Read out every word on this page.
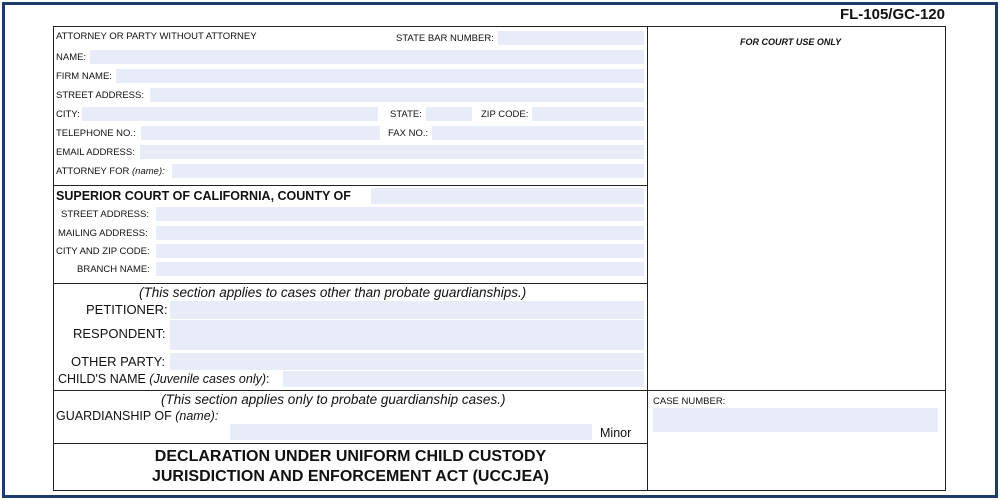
FL-105/GC-120
ATTORNEY OR PARTY WITHOUT ATTORNEY	STATE BAR NUMBER:
NAME:
FIRM NAME:
STREET ADDRESS:
CITY:	STATE:	ZIP CODE:
TELEPHONE NO.:	FAX NO.:
EMAIL ADDRESS:
ATTORNEY FOR (name):
SUPERIOR COURT OF CALIFORNIA, COUNTY OF
STREET ADDRESS:
MAILING ADDRESS:
CITY AND ZIP CODE:
BRANCH NAME:
(This section applies to cases other than probate guardianships.)
PETITIONER:
RESPONDENT:
OTHER PARTY:
CHILD'S NAME (Juvenile cases only):
(This section applies only to probate guardianship cases.)
GUARDIANSHIP OF (name):
Minor
DECLARATION UNDER UNIFORM CHILD CUSTODY
JURISDICTION AND ENFORCEMENT ACT (UCCJEA)
FOR COURT USE ONLY
CASE NUMBER:
